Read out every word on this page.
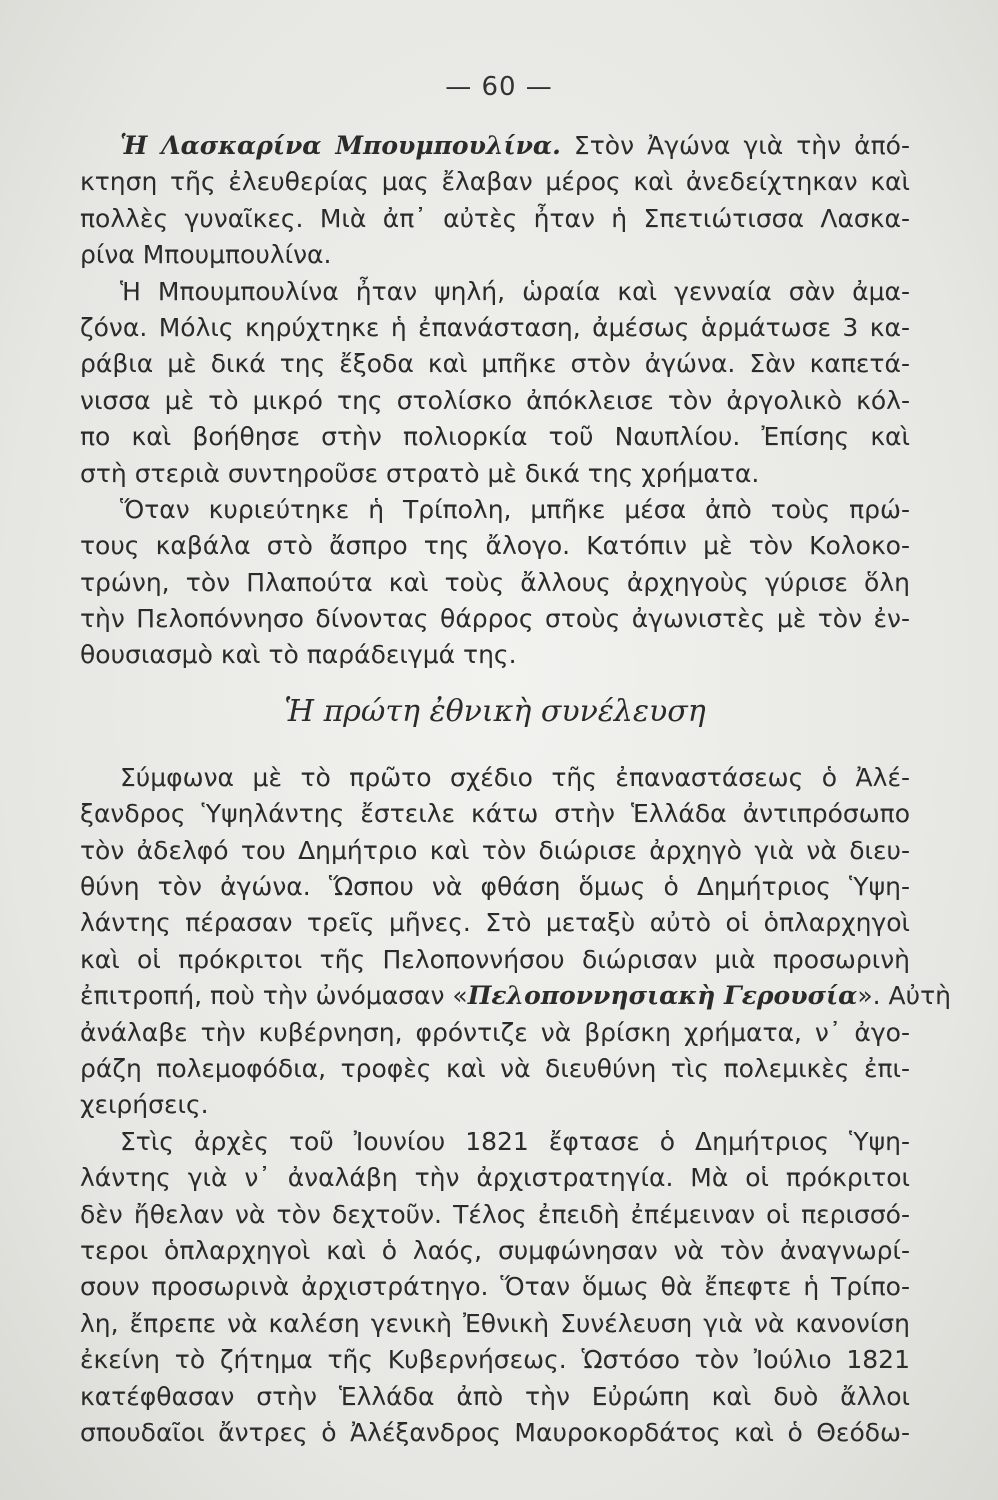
— 60 —
Ἡ Λασκαρίνα Μπουμπουλίνα. Στὸν Ἀγώνα γιὰ τὴν ἀπό-
κτηση τῆς ἐλευθερίας μας ἔλαβαν μέρος καὶ ἀνεδείχτηκαν καὶ
πολλὲς γυναῖκες. Μιὰ ἀπ᾿ αὐτὲς ἦταν ἡ Σπετιώτισσα Λασκα-
ρίνα Μπουμπουλίνα.
Ἡ Μπουμπουλίνα ἦταν ψηλή, ὡραία καὶ γενναία σὰν ἀμα-
ζόνα. Μόλις κηρύχτηκε ἡ ἐπανάσταση, ἀμέσως ἁρμάτωσε 3 κα-
ράβια μὲ δικά της ἔξοδα καὶ μπῆκε στὸν ἀγώνα. Σὰν καπετά-
νισσα μὲ τὸ μικρό της στολίσκο ἀπόκλεισε τὸν ἀργολικὸ κόλ-
πο καὶ βοήθησε στὴν πολιορκία τοῦ Ναυπλίου. Ἐπίσης καὶ
στὴ στεριὰ συντηροῦσε στρατὸ μὲ δικά της χρήματα.
Ὅταν κυριεύτηκε ἡ Τρίπολη, μπῆκε μέσα ἀπὸ τοὺς πρώ-
τους καβάλα στὸ ἄσπρο της ἄλογο. Κατόπιν μὲ τὸν Κολοκο-
τρώνη, τὸν Πλαπούτα καὶ τοὺς ἄλλους ἀρχηγοὺς γύρισε ὅλη
τὴν Πελοπόννησο δίνοντας θάρρος στοὺς ἀγωνιστὲς μὲ τὸν ἐν-
θουσιασμὸ καὶ τὸ παράδειγμά της.
Ἡ πρώτη ἐθνικὴ συνέλευση
Σύμφωνα μὲ τὸ πρῶτο σχέδιο τῆς ἐπαναστάσεως ὁ Ἀλέ-
ξανδρος Ὑψηλάντης ἔστειλε κάτω στὴν Ἑλλάδα ἀντιπρόσωπο
τὸν ἀδελφό του Δημήτριο καὶ τὸν διώρισε ἀρχηγὸ γιὰ νὰ διευ-
θύνη τὸν ἀγώνα. Ὥσπου νὰ φθάση ὅμως ὁ Δημήτριος Ὑψη-
λάντης πέρασαν τρεῖς μῆνες. Στὸ μεταξὺ αὐτὸ οἱ ὁπλαρχηγοὶ
καὶ οἱ πρόκριτοι τῆς Πελοποννήσου διώρισαν μιὰ προσωρινὴ
ἐπιτροπή, ποὺ τὴν ὠνόμασαν «Πελοποννησιακὴ Γερουσία». Αὐτὴ
ἀνάλαβε τὴν κυβέρνηση, φρόντιζε νὰ βρίσκη χρήματα, ν᾿ ἀγο-
ράζη πολεμοφόδια, τροφὲς καὶ νὰ διευθύνη τὶς πολεμικὲς ἐπι-
χειρήσεις.
Στὶς ἀρχὲς τοῦ Ἰουνίου 1821 ἔφτασε ὁ Δημήτριος Ὑψη-
λάντης γιὰ ν᾿ ἀναλάβη τὴν ἀρχιστρατηγία. Μὰ οἱ πρόκριτοι
δὲν ἤθελαν νὰ τὸν δεχτοῦν. Τέλος ἐπειδὴ ἐπέμειναν οἱ περισσό-
τεροι ὁπλαρχηγοὶ καὶ ὁ λαός, συμφώνησαν νὰ τὸν ἀναγνωρί-
σουν προσωρινὰ ἀρχιστράτηγο. Ὅταν ὅμως θὰ ἔπεφτε ἡ Τρίπο-
λη, ἔπρεπε νὰ καλέση γενικὴ Ἐθνικὴ Συνέλευση γιὰ νὰ κανονίση
ἐκείνη τὸ ζήτημα τῆς Κυβερνήσεως. Ὡστόσο τὸν Ἰούλιο 1821
κατέφθασαν στὴν Ἑλλάδα ἀπὸ τὴν Εὐρώπη καὶ δυὸ ἄλλοι
σπουδαῖοι ἄντρες ὁ Ἀλέξανδρος Μαυροκορδάτος καὶ ὁ Θεόδω-
